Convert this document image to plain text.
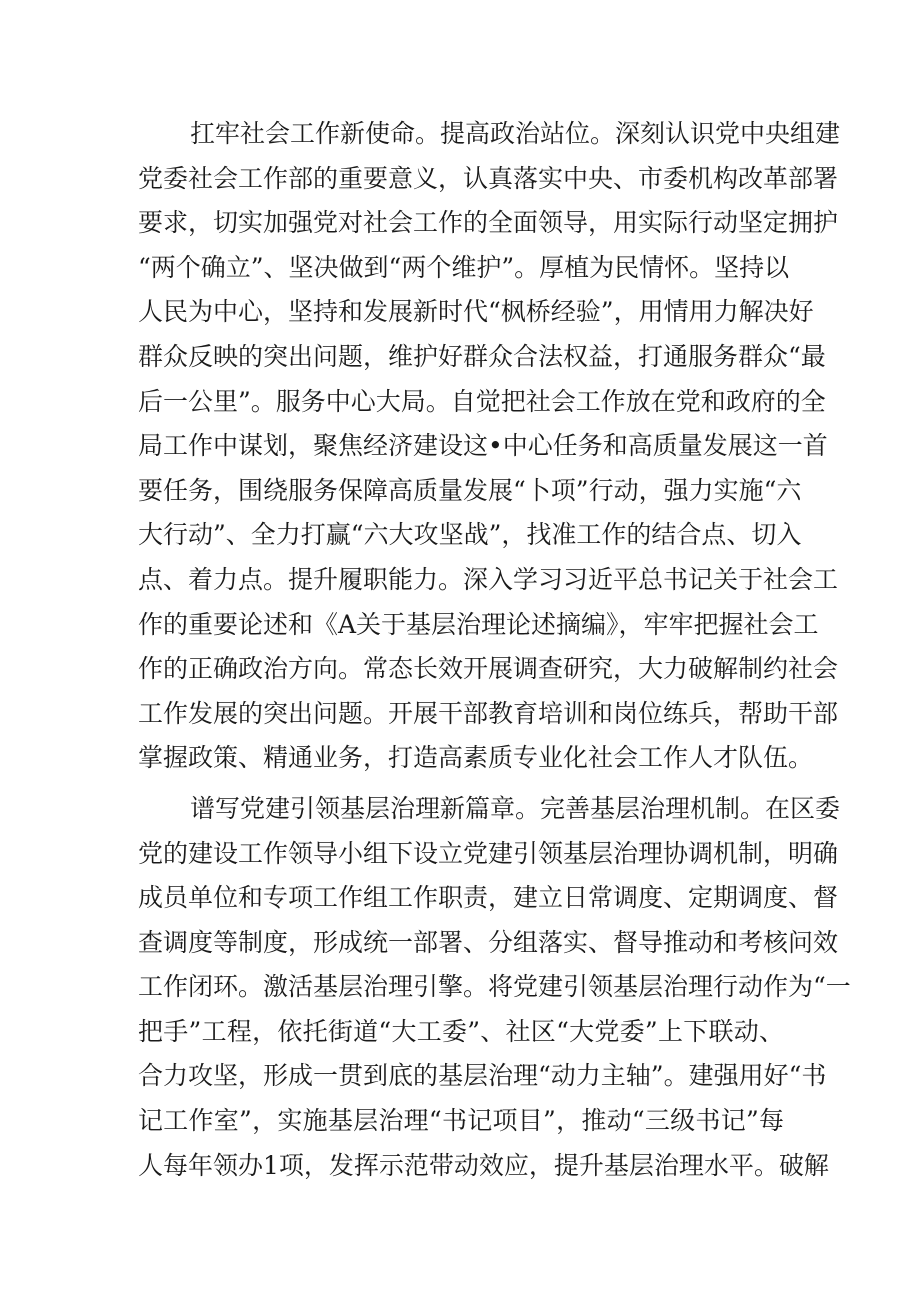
扛牢社会工作新使命。提高政治站位。深刻认识党中央组建
党委社会工作部的重要意义，认真落实中央、市委机构改革部署
要求，切实加强党对社会工作的全面领导，用实际行动坚定拥护
“两个确立”、坚决做到“两个维护”。厚植为民情怀。坚持以
人民为中心，坚持和发展新时代“枫桥经验”，用情用力解决好
群众反映的突出问题，维护好群众合法权益，打通服务群众“最
后一公里”。服务中心大局。自觉把社会工作放在党和政府的全
局工作中谋划，聚焦经济建设这•中心任务和高质量发展这一首
要任务，围绕服务保障高质量发展“卜项”行动，强力实施“六
大行动”、全力打赢“六大攻坚战”，找准工作的结合点、切入
点、着力点。提升履职能力。深入学习习近平总书记关于社会工
作的重要论述和《A关于基层治理论述摘编》，牢牢把握社会工
作的正确政治方向。常态长效开展调查研究，大力破解制约社会
工作发展的突出问题。开展干部教育培训和岗位练兵，帮助干部
掌握政策、精通业务，打造高素质专业化社会工作人才队伍。
谱写党建引领基层治理新篇章。完善基层治理机制。在区委
党的建设工作领导小组下设立党建引领基层治理协调机制，明确
成员单位和专项工作组工作职责，建立日常调度、定期调度、督
查调度等制度，形成统一部署、分组落实、督导推动和考核问效
工作闭环。激活基层治理引擎。将党建引领基层治理行动作为“一
把手”工程，依托街道“大工委”、社区“大党委”上下联动、
合力攻坚，形成一贯到底的基层治理“动力主轴”。建强用好“书
记工作室”，实施基层治理“书记项目”，推动“三级书记”每
人每年领办1项，发挥示范带动效应，提升基层治理水平。破解
